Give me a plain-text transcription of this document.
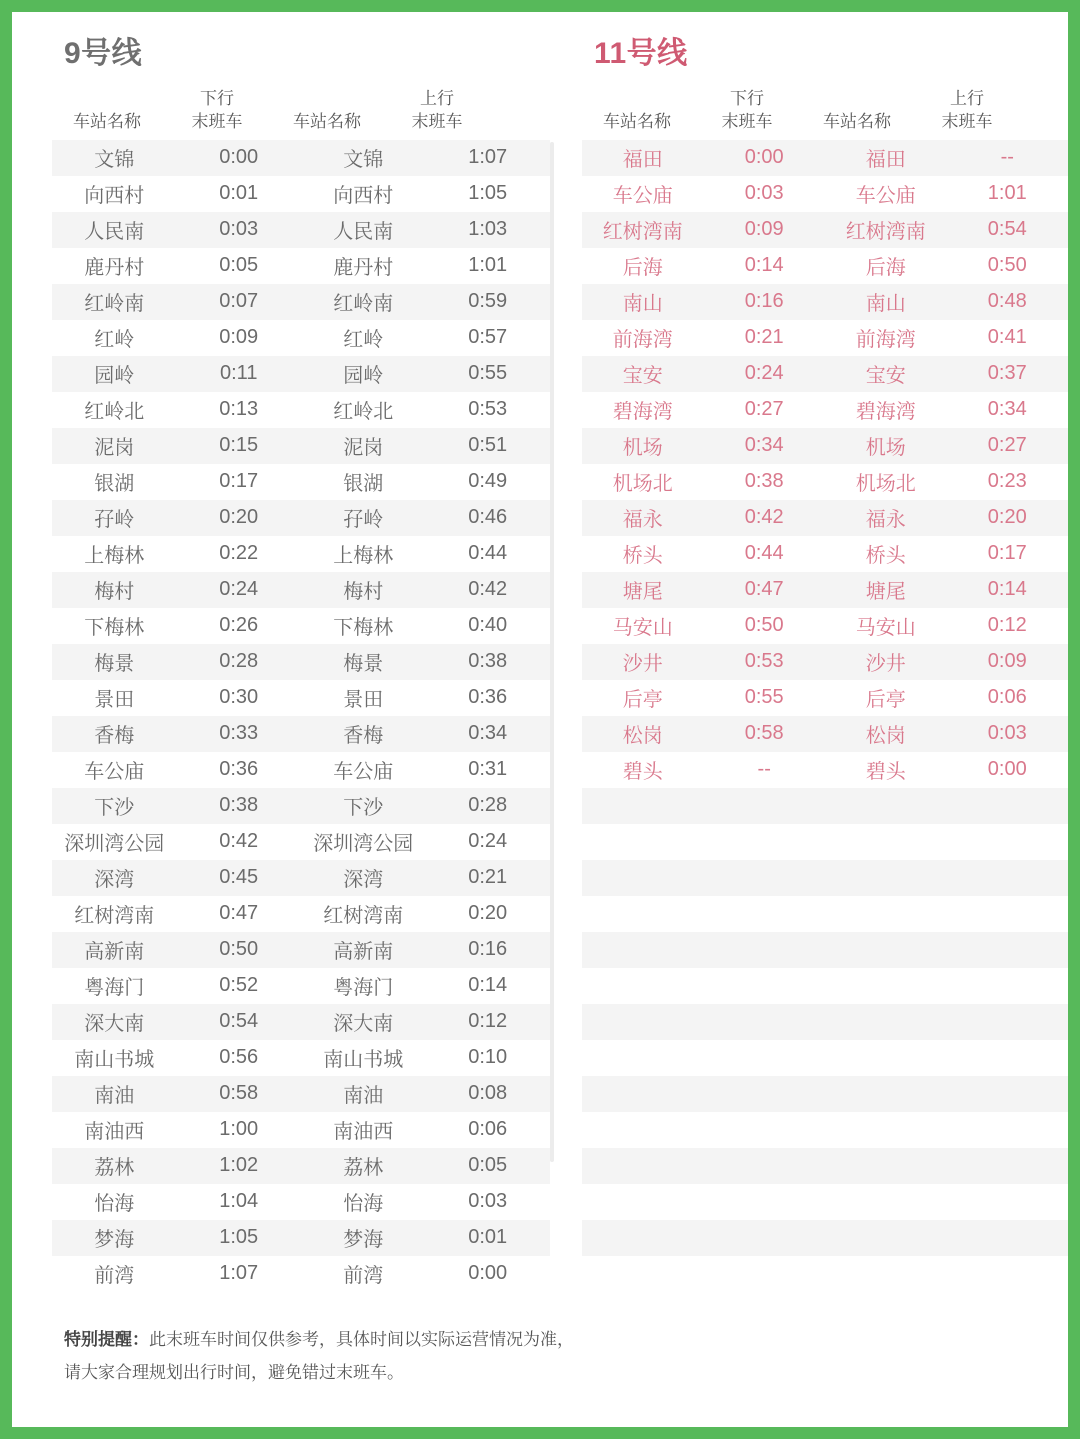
9号线
车站名称
下行
末班车	车站名称
上行
末班车
文锦	0:00	文锦	1:07
向西村	0:01	向西村	1:05
人民南	0:03	人民南	1:03
鹿丹村	0:05	鹿丹村	1:01
红岭南	0:07	红岭南	0:59
红岭	0:09	红岭	0:57
园岭	0:11	园岭	0:55
红岭北	0:13	红岭北	0:53
泥岗	0:15	泥岗	0:51
银湖	0:17	银湖	0:49
孖岭	0:20	孖岭	0:46
上梅林	0:22	上梅林	0:44
梅村	0:24	梅村	0:42
下梅林	0:26	下梅林	0:40
梅景	0:28	梅景	0:38
景田	0:30	景田	0:36
香梅	0:33	香梅	0:34
车公庙	0:36	车公庙	0:31
下沙	0:38	下沙	0:28
深圳湾公园	0:42	深圳湾公园	0:24
深湾	0:45	深湾	0:21
红树湾南	0:47	红树湾南	0:20
高新南	0:50	高新南	0:16
粤海门	0:52	粤海门	0:14
深大南	0:54	深大南	0:12
南山书城	0:56	南山书城	0:10
南油	0:58	南油	0:08
南油西	1:00	南油西	0:06
荔林	1:02	荔林	0:05
怡海	1:04	怡海	0:03
梦海	1:05	梦海	0:01
前湾	1:07	前湾	0:00
11号线
车站名称
下行
末班车	车站名称
上行
末班车
福田	0:00	福田	--
车公庙	0:03	车公庙	1:01
红树湾南	0:09	红树湾南	0:54
后海	0:14	后海	0:50
南山	0:16	南山	0:48
前海湾	0:21	前海湾	0:41
宝安	0:24	宝安	0:37
碧海湾	0:27	碧海湾	0:34
机场	0:34	机场	0:27
机场北	0:38	机场北	0:23
福永	0:42	福永	0:20
桥头	0:44	桥头	0:17
塘尾	0:47	塘尾	0:14
马安山	0:50	马安山	0:12
沙井	0:53	沙井	0:09
后亭	0:55	后亭	0:06
松岗	0:58	松岗	0:03
碧头	--	碧头	0:00

特别提醒：此末班车时间仅供参考，具体时间以实际运营情况为准，
请大家合理规划出行时间，避免错过末班车。
